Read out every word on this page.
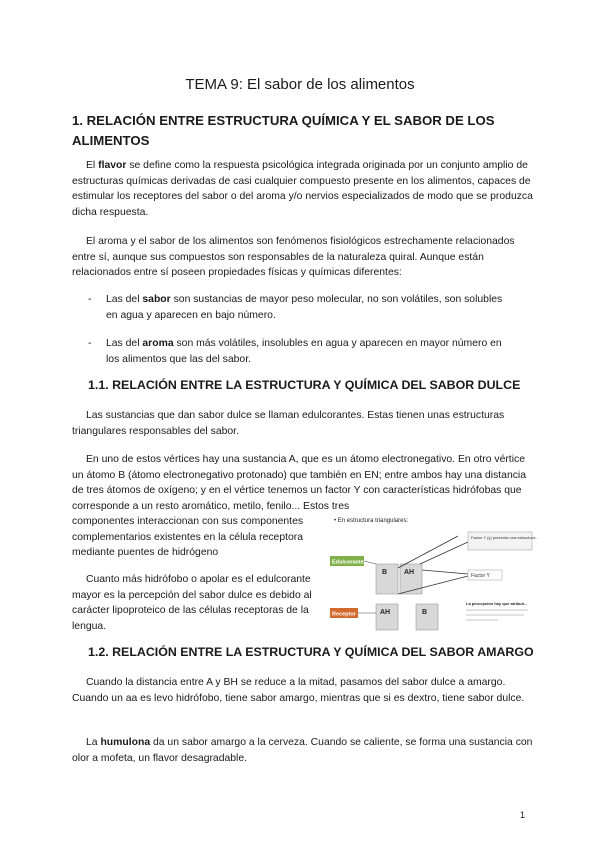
TEMA 9: El sabor de los alimentos
1. RELACIÓN ENTRE ESTRUCTURA QUÍMICA Y EL SABOR DE LOS ALIMENTOS

El flavor se define como la respuesta psicológica integrada originada por un conjunto amplio de estructuras químicas derivadas de casi cualquier compuesto presente en los alimentos, capaces de estimular los receptores del sabor o del aroma y/o nervios especializados de modo que se produzca dicha respuesta.

El aroma y el sabor de los alimentos son fenómenos fisiológicos estrechamente relacionados entre sí, aunque sus compuestos son responsables de la naturaleza quiral. Aunque están relacionados entre sí poseen propiedades físicas y químicas diferentes:

- Las del sabor son sustancias de mayor peso molecular, no son volátiles, son solubles en agua y aparecen en bajo número.
- Las del aroma son más volátiles, insolubles en agua y aparecen en mayor número en los alimentos que las del sabor.
1.1. RELACIÓN ENTRE LA ESTRUCTURA Y QUÍMICA DEL SABOR DULCE

Las sustancias que dan sabor dulce se llaman edulcorantes. Estas tienen unas estructuras triangulares responsables del sabor.

En uno de estos vértices hay una sustancia A, que es un átomo electronegativo. En otro vértice un átomo B (átomo electronegativo protonado) que también en EN; entre ambos hay una distancia de tres átomos de oxígeno; y en el vértice tenemos un factor Y con características hidrófobas que corresponde a un resto aromático, metilo, fenilo... Estos tres

componentes interaccionan con sus componentes complementarios existentes en la célula receptora mediante puentes de hidrógeno

Cuanto más hidrófobo o apolar es el edulcorante mayor es la percepción del sabor dulce es debido al carácter lipoproteico de las células receptoras de la lengua.

• En estructura triangulares:
Edulcorante
B AH
Factor Y (γ) presenta una estructura...
Factor Y
Receptor	AH	B
La percepción hay que atribuir...
1.2. RELACIÓN ENTRE LA ESTRUCTURA Y QUÍMICA DEL SABOR AMARGO

Cuando la distancia entre A y BH se reduce a la mitad, pasamos del sabor dulce a amargo. Cuando un aa es levo hidrófobo, tiene sabor amargo, mientras que si es dextro, tiene sabor dulce.

La humulona da un sabor amargo a la cerveza. Cuando se caliente, se forma una sustancia con olor a mofeta, un flavor desagradable.

1
